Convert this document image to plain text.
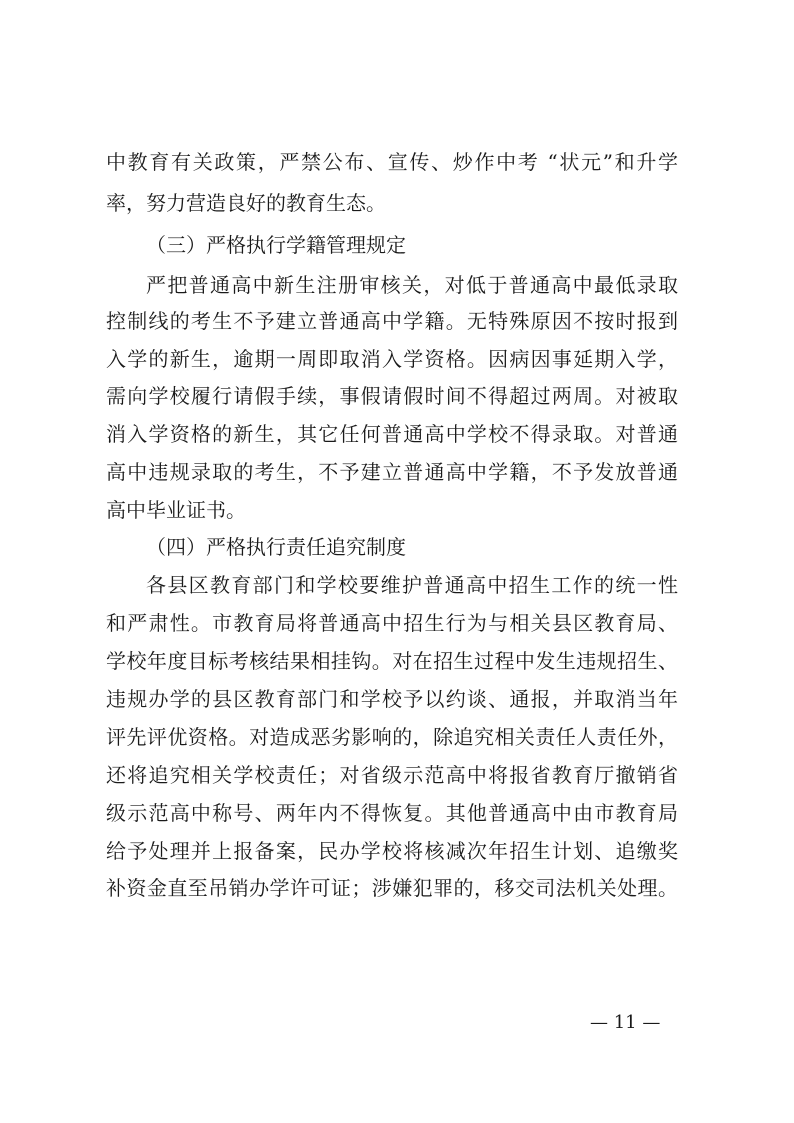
中教育有关政策，严禁公布、宣传、炒作中考 “状元”和升学
率，努力营造良好的教育生态。
（三）严格执行学籍管理规定
严把普通高中新生注册审核关，对低于普通高中最低录取
控制线的考生不予建立普通高中学籍。无特殊原因不按时报到
入学的新生，逾期一周即取消入学资格。因病因事延期入学，
需向学校履行请假手续，事假请假时间不得超过两周。对被取
消入学资格的新生，其它任何普通高中学校不得录取。对普通
高中违规录取的考生，不予建立普通高中学籍，不予发放普通
高中毕业证书。
（四）严格执行责任追究制度
各县区教育部门和学校要维护普通高中招生工作的统一性
和严肃性。市教育局将普通高中招生行为与相关县区教育局、
学校年度目标考核结果相挂钩。对在招生过程中发生违规招生、
违规办学的县区教育部门和学校予以约谈、通报，并取消当年
评先评优资格。对造成恶劣影响的，除追究相关责任人责任外，
还将追究相关学校责任；对省级示范高中将报省教育厅撤销省
级示范高中称号、两年内不得恢复。其他普通高中由市教育局
给予处理并上报备案，民办学校将核减次年招生计划、追缴奖
补资金直至吊销办学许可证；涉嫌犯罪的，移交司法机关处理。
— 11 —
